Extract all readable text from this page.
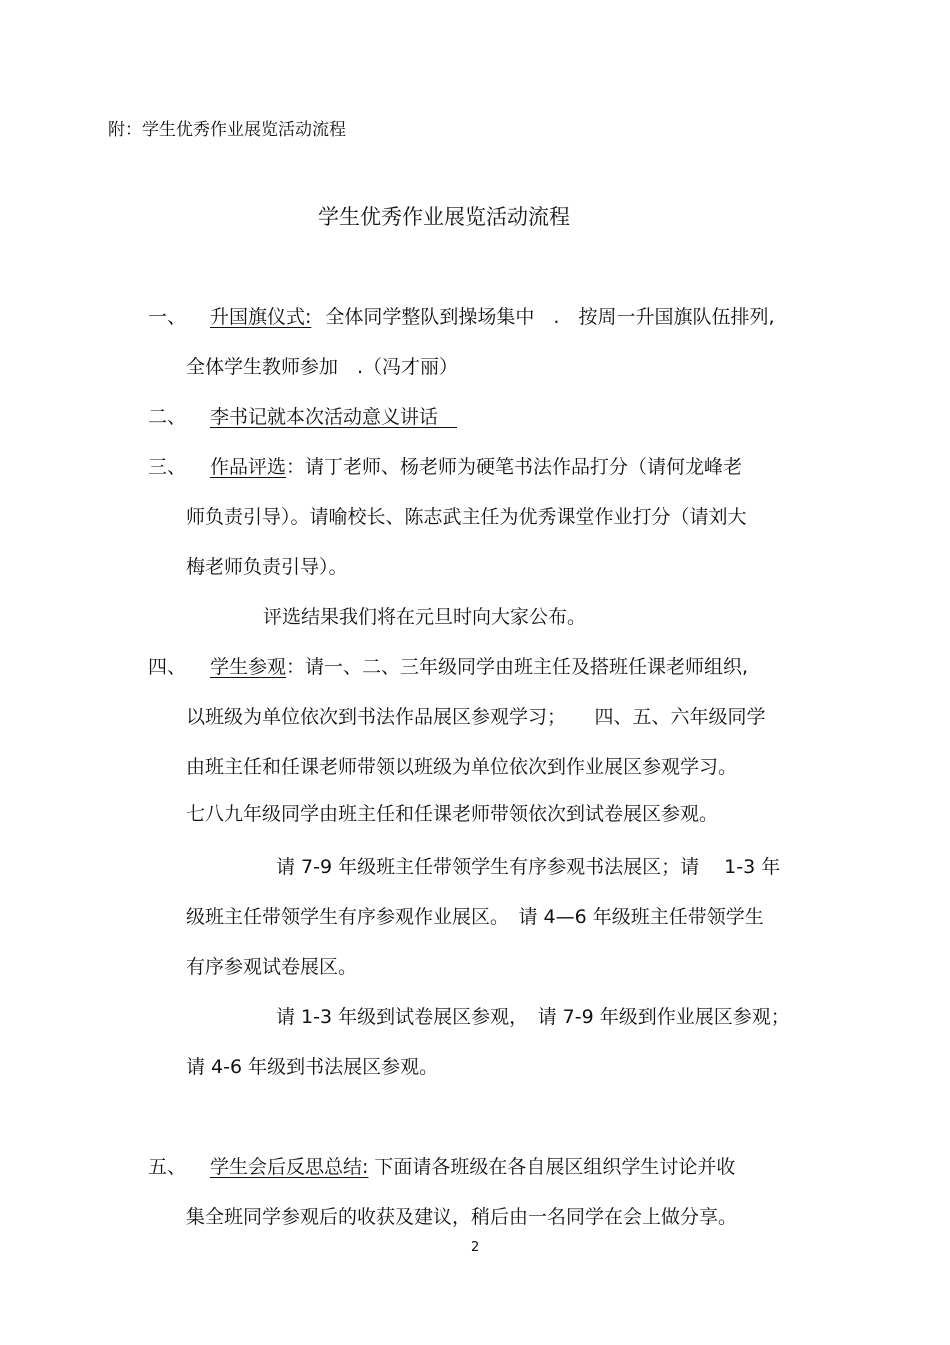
附：学生优秀作业展览活动流程
学生优秀作业展览活动流程
一、 升国旗仪式: 全体同学整队到操场集中　.　按周一升国旗队伍排列,
全体学生教师参加　.（冯才丽）
二、 李书记就本次活动意义讲话　
三、 作品评选：请丁老师、杨老师为硬笔书法作品打分（请何龙峰老
师负责引导）。请喻校长、陈志武主任为优秀课堂作业打分（请刘大
梅老师负责引导）。
评选结果我们将在元旦时向大家公布。
四、 学生参观：请一、二、三年级同学由班主任及搭班任课老师组织,
以班级为单位依次到书法作品展区参观学习；　　四、五、六年级同学
由班主任和任课老师带领以班级为单位依次到作业展区参观学习。
七八九年级同学由班主任和任课老师带领依次到试卷展区参观。
请 7-9 年级班主任带领学生有序参观书法展区；请　 1-3 年
级班主任带领学生有序参观作业展区。　请 4—6 年级班主任带领学生
有序参观试卷展区。
请 1-3 年级到试卷展区参观，　请 7-9 年级到作业展区参观；
请 4-6 年级到书法展区参观。
五、 学生会后反思总结: 下面请各班级在各自展区组织学生讨论并收
集全班同学参观后的收获及建议，稍后由一名同学在会上做分享。
2
